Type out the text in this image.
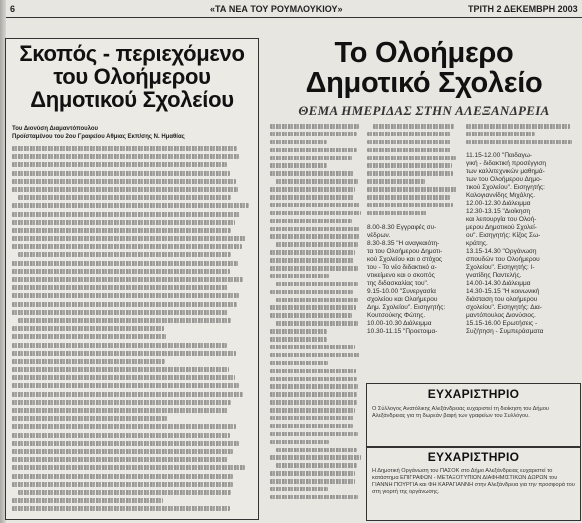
6	«ΤΑ ΝΕΑ ΤΟΥ ΡΟΥΜΛΟΥΚΙΟΥ»	ΤΡΙΤΗ 2 ΔΕΚΕΜΒΡΗ 2003
Σκοπός - περιεχόμενο
του Ολοήμερου
Δημοτικού Σχολείου
Του Διονύση Διαμαντόπουλου
Προϊσταμένου του 2ου Γραφείου Αθμιας Εκπ/σης Ν. Ημαθίας
Το Ολοήμερο
Δημοτικό Σχολείο
ΘΕΜΑ ΗΜΕΡΙΔΑΣ ΣΤΗΝ ΑΛΕΞΑΝΔΡΕΙΑ
8.00-8.30 Εγγραφές συ-
νέδρων.
8.30-8.35 "Η αναγκαιότη-
τα του Ολοήμερου Δημοτι-
κού Σχολείου και ο στόχος
του - Το νέο διδακτικό α-
ντικείμενο και ο σκοπός
της διδασκαλίας του".
9.15-10.00 "Συνεργασία
σχολείου και Ολοήμερου
Δημ. Σχολείου". Εισηγητής:
Κουτσούκης Φώτης.
10.00-10.30 Διάλειμμα
10.30-11.15 "Προετοιμα-
11.15-12.00 "Παιδαγω-
γική - διδακτική προσέγγιση
των καλλιτεχνικών μαθημά-
των του Ολοήμερου Δημο-
τικού Σχολείου". Εισηγητής:
Καλογιαννίδης Μιχάλης.
12.00-12.30 Διάλειμμα
12.30-13.15 "Διοίκηση
και λειτουργία του Ολοή-
μερου Δημοτικού Σχολεί-
ου". Εισηγητής: Κίζος Σω-
κράτης.
13.15-14.30 "Οργάνωση
σπουδών του Ολοήμερου
Σχολείου". Εισηγητής: Ι-
γνατίδης Παντελής.
14.00-14.30 Διάλειμμα
14.30-15.15 "Η κοινωνική
διάσταση του ολοήμερου
σχολείου". Εισηγητής: Δια-
μαντόπουλος Διονύσιος.
15.15-16.00 Ερωτήσεις -
Συζήτηση - Συμπεράσματα
ΕΥΧΑΡΙΣΤΗΡΙΟ
Ο Σύλλογος Ανατόλικης Αλεξάνδρειας ευχαριστεί τη διοίκηση του Δήμου Αλεξάνδρειας για τη δωρεάν βαφή των γραφείων του Συλλόγου.
ΕΥΧΑΡΙΣΤΗΡΙΟ
Η Δημοτική Οργάνωση του ΠΑΣΟΚ στο Δήμο Αλεξάνδρειας ευχαριστεί το κατάστημα ΕΠΙΓΡΑΦΩΝ - ΜΕΤΑΞΟΤΥΠΙΩΝ ΔΙΑΦΗΜΙΣΤΙΚΩΝ ΔΩΡΩΝ του ΓΙΑΝΝΗ ΠΟΥΡΓΙΑ και ΦΗ ΚΑΡΑΓΙΑΝΝΗ στην Αλεξάνδρεια για την προσφορά του στη γιορτή της οργάνωσης.
